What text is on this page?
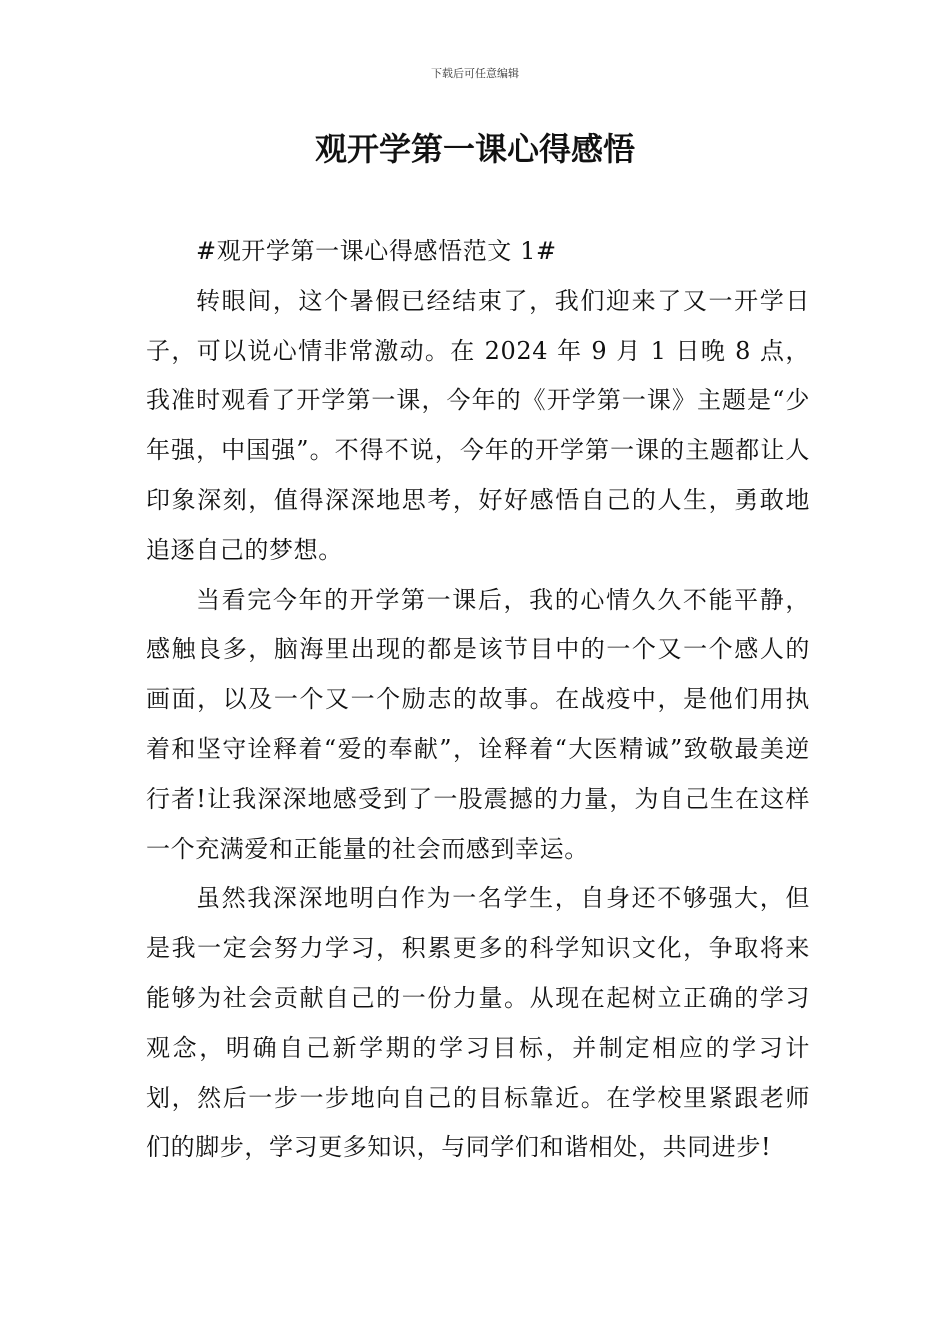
下载后可任意编辑
观开学第一课心得感悟

#观开学第一课心得感悟范文 1#

转眼间，这个暑假已经结束了，我们迎来了又一开学日子，可以说心情非常激动。在 2024 年 9 月 1 日晚 8 点，我准时观看了开学第一课，今年的《开学第一课》主题是“少年强，中国强”。不得不说，今年的开学第一课的主题都让人印象深刻，值得深深地思考，好好感悟自己的人生，勇敢地追逐自己的梦想。

当看完今年的开学第一课后，我的心情久久不能平静，感触良多，脑海里出现的都是该节目中的一个又一个感人的画面，以及一个又一个励志的故事。在战疫中，是他们用执着和坚守诠释着“爱的奉献”，诠释着“大医精诚”致敬最美逆行者!让我深深地感受到了一股震撼的力量，为自己生在这样一个充满爱和正能量的社会而感到幸运。

虽然我深深地明白作为一名学生，自身还不够强大，但是我一定会努力学习，积累更多的科学知识文化，争取将来能够为社会贡献自己的一份力量。从现在起树立正确的学习观念，明确自己新学期的学习目标，并制定相应的学习计划，然后一步一步地向自己的目标靠近。在学校里紧跟老师们的脚步，学习更多知识，与同学们和谐相处，共同进步!
